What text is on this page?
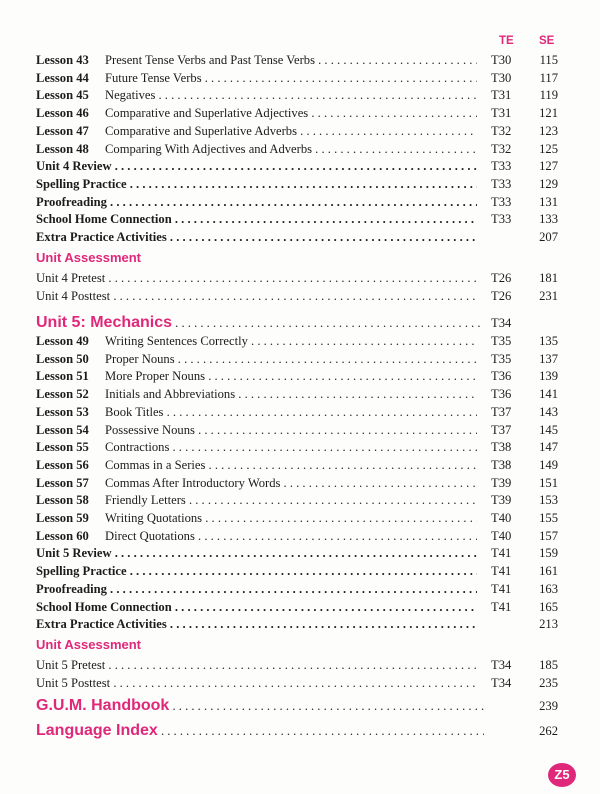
TE SE
Lesson 43 Present Tense Verbs and Past Tense Verbs . . .	T30	115
Lesson 44 Future Tense Verbs . . .	T30	117
Lesson 45 Negatives . . .	T31	119
Lesson 46 Comparative and Superlative Adjectives . . .	T31	121
Lesson 47 Comparative and Superlative Adverbs . . .	T32	123
Lesson 48 Comparing With Adjectives and Adverbs . . .	T32	125
Unit 4 Review . . .	T33	127
Spelling Practice . . .	T33	129
Proofreading . . .	T33	131
School Home Connection . . .	T33	133
Extra Practice Activities . . .	207
Unit Assessment
Unit 4 Pretest . . .	T26	181
Unit 4 Posttest . . .	T26	231
Unit 5: Mechanics . . .	T34
Lesson 49 Writing Sentences Correctly . . .	T35	135
Lesson 50 Proper Nouns . . .	T35	137
Lesson 51 More Proper Nouns . . .	T36	139
Lesson 52 Initials and Abbreviations . . .	T36	141
Lesson 53 Book Titles . . .	T37	143
Lesson 54 Possessive Nouns . . .	T37	145
Lesson 55 Contractions . . .	T38	147
Lesson 56 Commas in a Series . . .	T38	149
Lesson 57 Commas After Introductory Words . . .	T39	151
Lesson 58 Friendly Letters . . .	T39	153
Lesson 59 Writing Quotations . . .	T40	155
Lesson 60 Direct Quotations . . .	T40	157
Unit 5 Review . . .	T41	159
Spelling Practice . . .	T41	161
Proofreading . . .	T41	163
School Home Connection . . .	T41	165
Extra Practice Activities . . .	213
Unit Assessment
Unit 5 Pretest . . .	T34	185
Unit 5 Posttest . . .	T34	235
G.U.M. Handbook . . .	239
Language Index . . .	262
Z5
